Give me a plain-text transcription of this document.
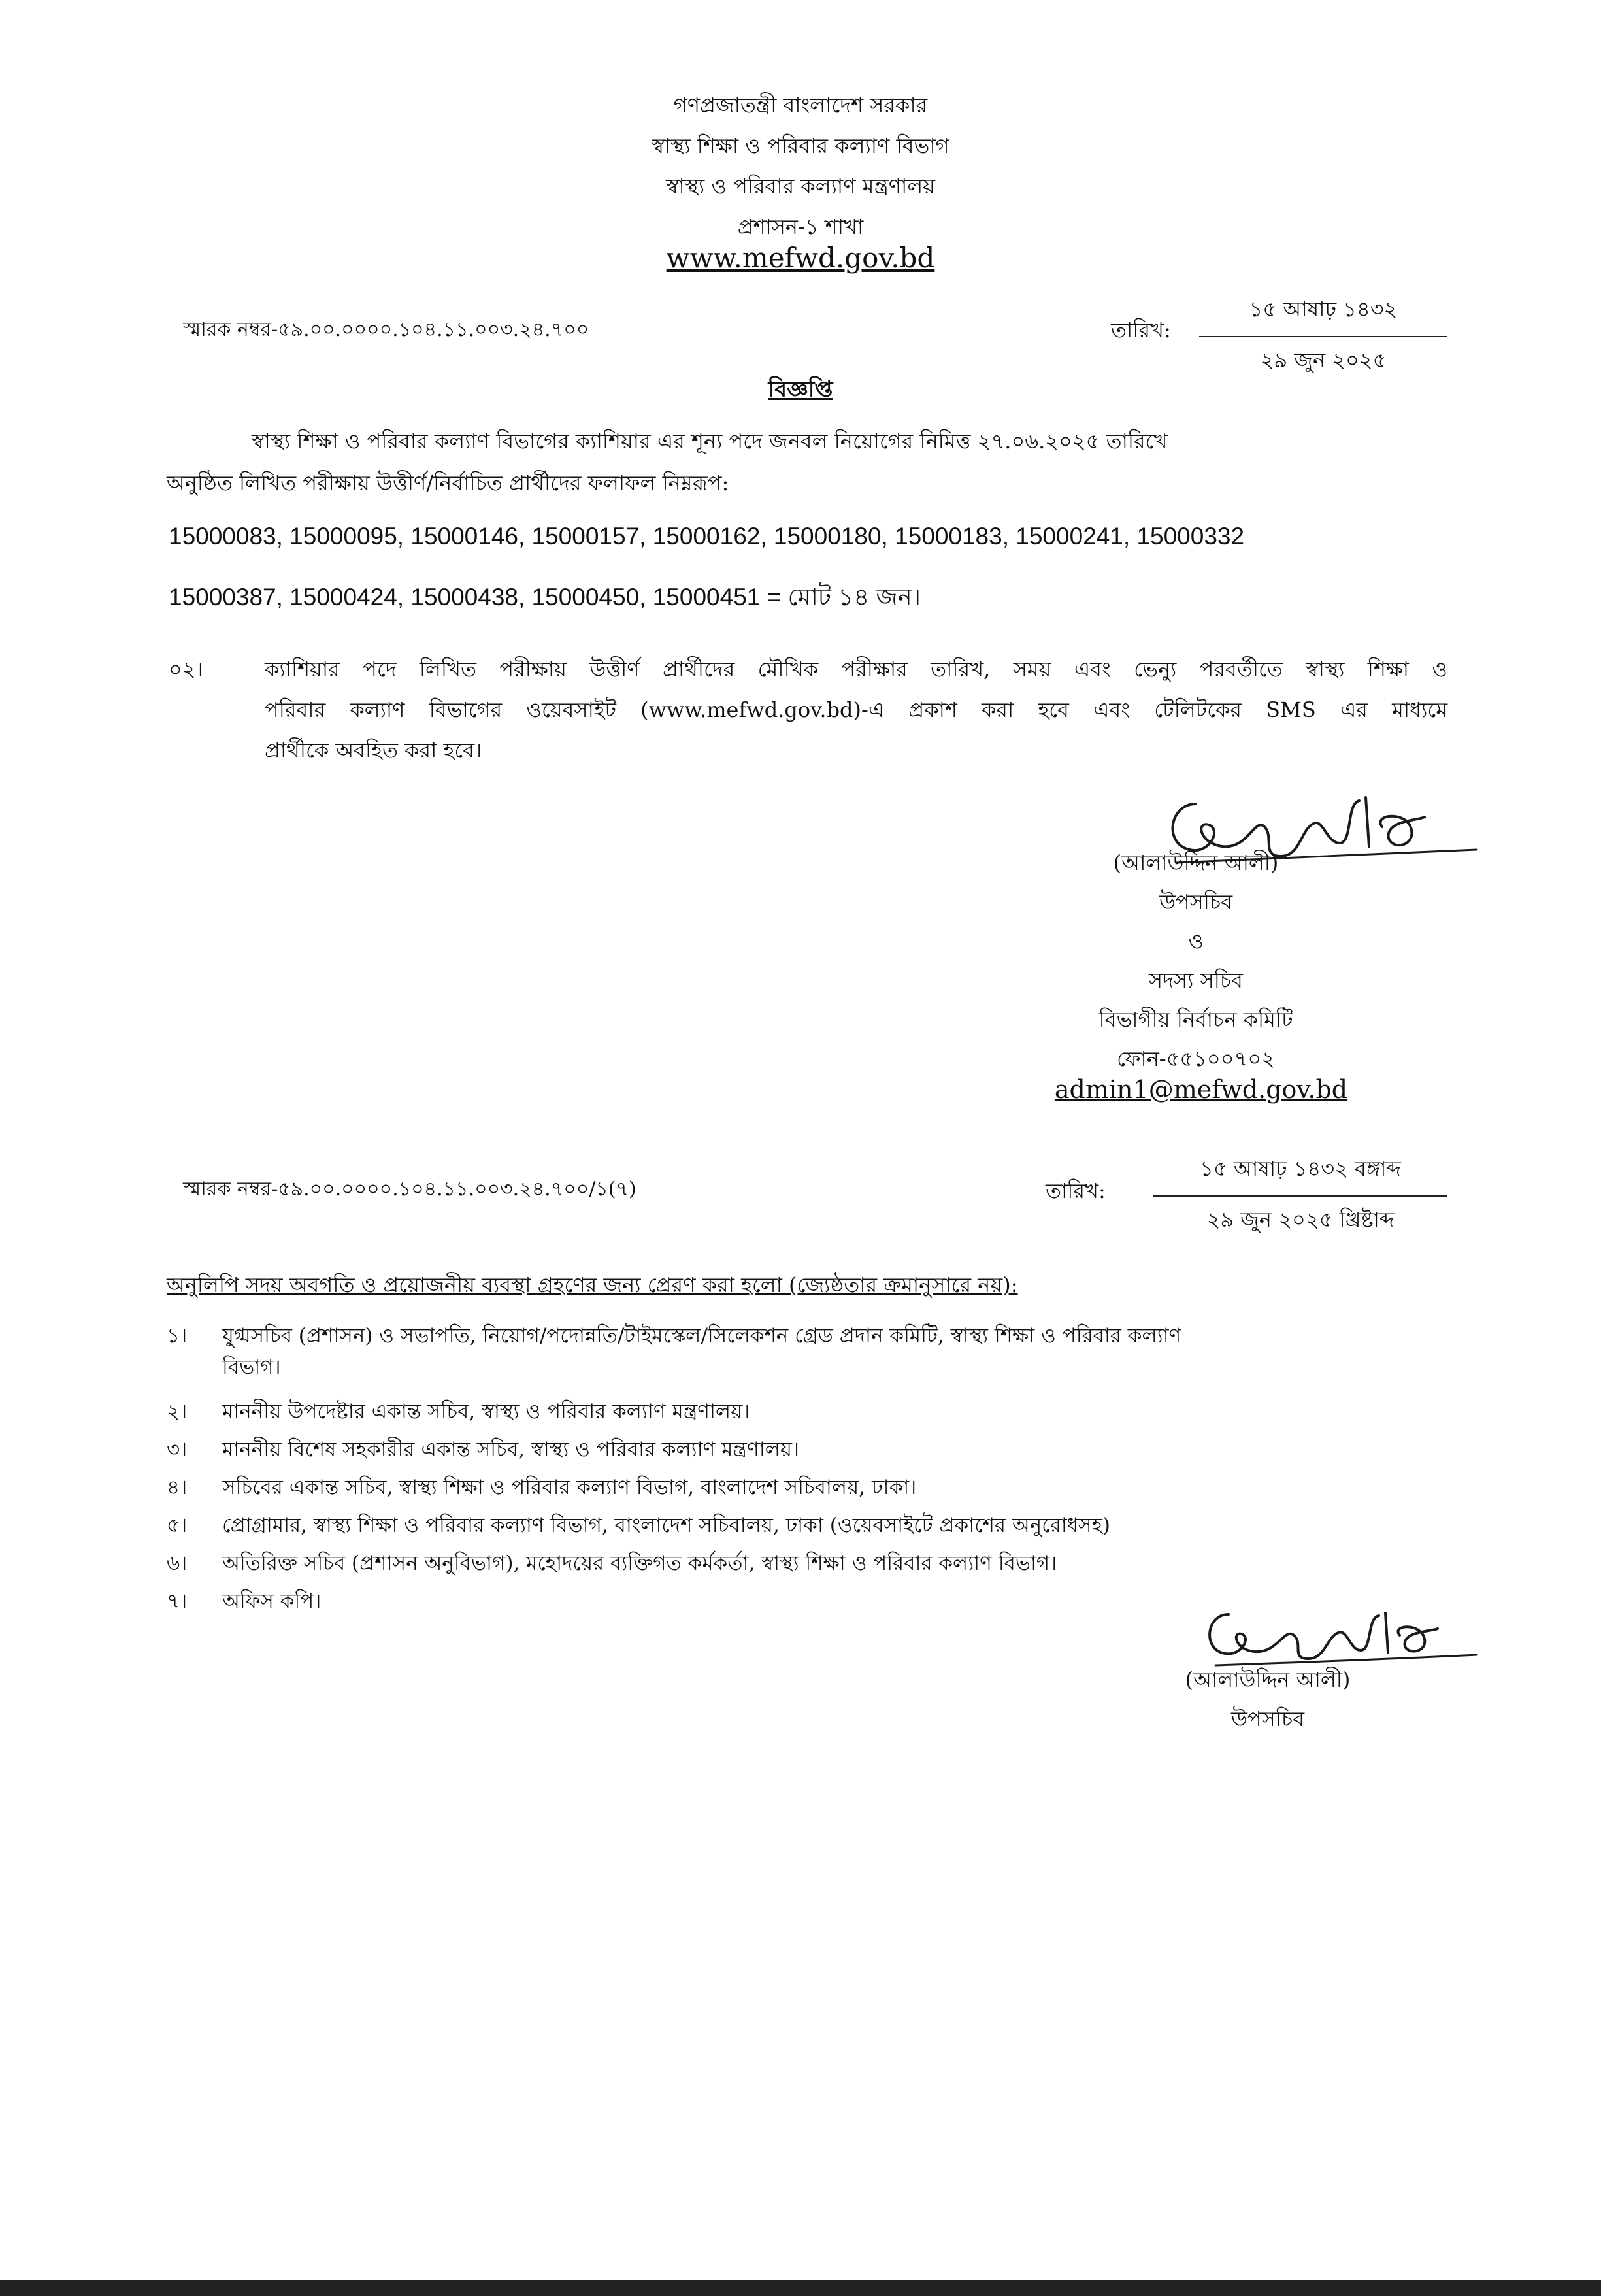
গণপ্রজাতন্ত্রী বাংলাদেশ সরকার
স্বাস্থ্য শিক্ষা ও পরিবার কল্যাণ বিভাগ
স্বাস্থ্য ও পরিবার কল্যাণ মন্ত্রণালয়
প্রশাসন-১ শাখা
www.mefwd.gov.bd
স্মারক নম্বর-৫৯.০০.০০০০.১০৪.১১.০০৩.২৪.৭০০	তারিখ:
১৫ আষাঢ় ১৪৩২
২৯ জুন ২০২৫
বিজ্ঞপ্তি
স্বাস্থ্য শিক্ষা ও পরিবার কল্যাণ বিভাগের ক্যাশিয়ার এর শূন্য পদে জনবল নিয়োগের নিমিত্ত ২৭.০৬.২০২৫ তারিখে
অনুষ্ঠিত লিখিত পরীক্ষায় উত্তীর্ণ/নির্বাচিত প্রার্থীদের ফলাফল নিম্নরূপ:
15000083, 15000095, 15000146, 15000157, 15000162, 15000180, 15000183, 15000241, 15000332
15000387, 15000424, 15000438, 15000450, 15000451 = মোট ১৪ জন।
০২।	ক্যাশিয়ার পদে লিখিত পরীক্ষায় উত্তীর্ণ প্রার্থীদের মৌখিক পরীক্ষার তারিখ, সময় এবং ভেন্যু পরবর্তীতে স্বাস্থ্য শিক্ষা ও
পরিবার কল্যাণ বিভাগের ওয়েবসাইট (www.mefwd.gov.bd)-এ প্রকাশ করা হবে এবং টেলিটকের SMS এর মাধ্যমে
প্রার্থীকে অবহিত করা হবে।
(আলাউদ্দিন আলী)
উপসচিব
ও
সদস্য সচিব
বিভাগীয় নির্বাচন কমিটি
ফোন-৫৫১০০৭০২
admin1@mefwd.gov.bd
স্মারক নম্বর-৫৯.০০.০০০০.১০৪.১১.০০৩.২৪.৭০০/১(৭)	তারিখ:
১৫ আষাঢ় ১৪৩২ বঙ্গাব্দ
২৯ জুন ২০২৫ খ্রিষ্টাব্দ
অনুলিপি সদয় অবগতি ও প্রয়োজনীয় ব্যবস্থা গ্রহণের জন্য প্রেরণ করা হলো (জ্যেষ্ঠতার ক্রমানুসারে নয়):
১। যুগ্মসচিব (প্রশাসন) ও সভাপতি, নিয়োগ/পদোন্নতি/টাইমস্কেল/সিলেকশন গ্রেড প্রদান কমিটি, স্বাস্থ্য শিক্ষা ও পরিবার কল্যাণ
বিভাগ।
২। মাননীয় উপদেষ্টার একান্ত সচিব, স্বাস্থ্য ও পরিবার কল্যাণ মন্ত্রণালয়।
৩। মাননীয় বিশেষ সহকারীর একান্ত সচিব, স্বাস্থ্য ও পরিবার কল্যাণ মন্ত্রণালয়।
৪। সচিবের একান্ত সচিব, স্বাস্থ্য শিক্ষা ও পরিবার কল্যাণ বিভাগ, বাংলাদেশ সচিবালয়, ঢাকা।
৫। প্রোগ্রামার, স্বাস্থ্য শিক্ষা ও পরিবার কল্যাণ বিভাগ, বাংলাদেশ সচিবালয়, ঢাকা (ওয়েবসাইটে প্রকাশের অনুরোধসহ)
৬। অতিরিক্ত সচিব (প্রশাসন অনুবিভাগ), মহোদয়ের ব্যক্তিগত কর্মকর্তা, স্বাস্থ্য শিক্ষা ও পরিবার কল্যাণ বিভাগ।
৭। অফিস কপি।
(আলাউদ্দিন আলী)
উপসচিব
